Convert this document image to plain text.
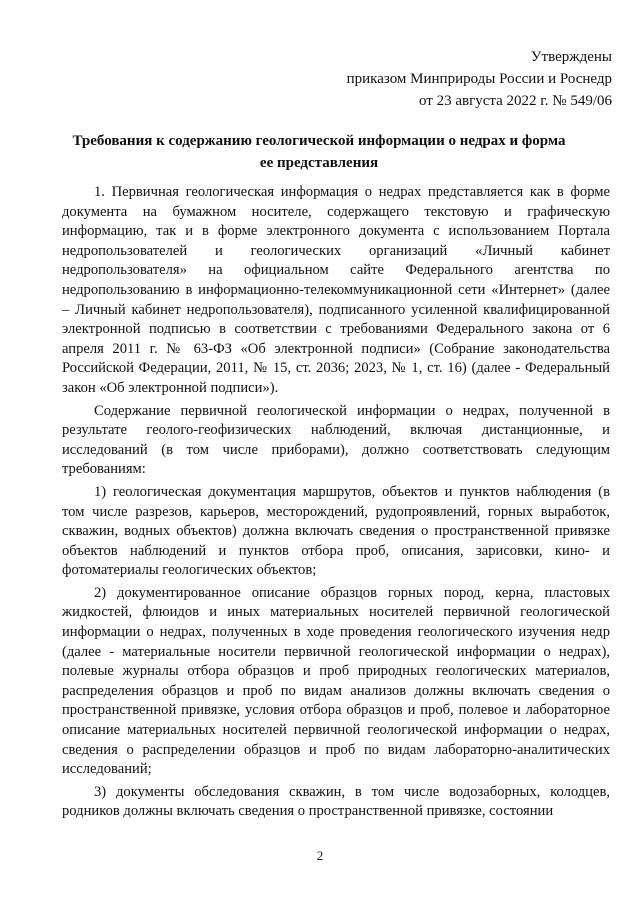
Утверждены
приказом Минприроды России и Роснедр
от 23 августа 2022 г. № 549/06
Требования к содержанию геологической информации о недрах и форма ее представления

1. Первичная геологическая информация о недрах представляется как в форме документа на бумажном носителе, содержащего текстовую и графическую информацию, так и в форме электронного документа с использованием Портала недропользователей и геологических организаций «Личный кабинет недропользователя» на официальном сайте Федерального агентства по недропользованию в информационно-телекоммуникационной сети «Интернет» (далее – Личный кабинет недропользователя), подписанного усиленной квалифицированной электронной подписью в соответствии с требованиями Федерального закона от 6 апреля 2011 г. № 63-ФЗ «Об электронной подписи» (Собрание законодательства Российской Федерации, 2011, № 15, ст. 2036; 2023, № 1, ст. 16) (далее - Федеральный закон «Об электронной подписи»).

Содержание первичной геологической информации о недрах, полученной в результате геолого-геофизических наблюдений, включая дистанционные, и исследований (в том числе приборами), должно соответствовать следующим требованиям:

1) геологическая документация маршрутов, объектов и пунктов наблюдения (в том числе разрезов, карьеров, месторождений, рудопроявлений, горных выработок, скважин, водных объектов) должна включать сведения о пространственной привязке объектов наблюдений и пунктов отбора проб, описания, зарисовки, кино- и фотоматериалы геологических объектов;

2) документированное описание образцов горных пород, керна, пластовых жидкостей, флюидов и иных материальных носителей первичной геологической информации о недрах, полученных в ходе проведения геологического изучения недр (далее - материальные носители первичной геологической информации о недрах), полевые журналы отбора образцов и проб природных геологических материалов, распределения образцов и проб по видам анализов должны включать сведения о пространственной привязке, условия отбора образцов и проб, полевое и лабораторное описание материальных носителей первичной геологической информации о недрах, сведения о распределении образцов и проб по видам лабораторно-аналитических исследований;

3) документы обследования скважин, в том числе водозаборных, колодцев, родников должны включать сведения о пространственной привязке, состоянии

2
